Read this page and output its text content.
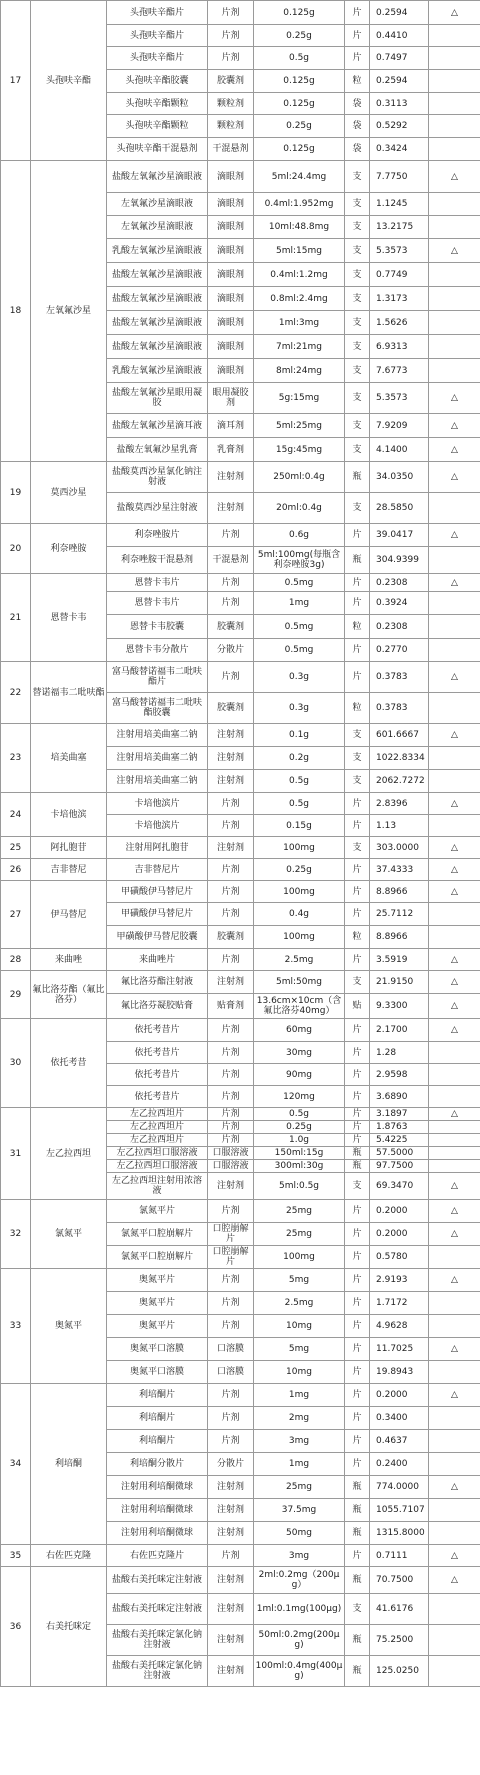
17	头孢呋辛酯	头孢呋辛酯片	片剂	0.125g	片	0.2594	△
		头孢呋辛酯片	片剂	0.25g	片	0.4410	
		头孢呋辛酯片	片剂	0.5g	片	0.7497	
		头孢呋辛酯胶囊	胶囊剂	0.125g	粒	0.2594	
		头孢呋辛酯颗粒	颗粒剂	0.125g	袋	0.3113	
		头孢呋辛酯颗粒	颗粒剂	0.25g	袋	0.5292	
		头孢呋辛酯干混悬剂	干混悬剂	0.125g	袋	0.3424	
18	左氧氟沙星	盐酸左氧氟沙星滴眼液	滴眼剂	5ml:24.4mg	支	7.7750	△
		左氧氟沙星滴眼液	滴眼剂	0.4ml:1.952mg	支	1.1245	
		左氧氟沙星滴眼液	滴眼剂	10ml:48.8mg	支	13.2175	
		乳酸左氧氟沙星滴眼液	滴眼剂	5ml:15mg	支	5.3573	△
		盐酸左氧氟沙星滴眼液	滴眼剂	0.4ml:1.2mg	支	0.7749	
		盐酸左氧氟沙星滴眼液	滴眼剂	0.8ml:2.4mg	支	1.3173	
		盐酸左氧氟沙星滴眼液	滴眼剂	1ml:3mg	支	1.5626	
		盐酸左氧氟沙星滴眼液	滴眼剂	7ml:21mg	支	6.9313	
		乳酸左氧氟沙星滴眼液	滴眼剂	8ml:24mg	支	7.6773	
		盐酸左氧氟沙星眼用凝胶	眼用凝胶剂	5g:15mg	支	5.3573	△
		盐酸左氧氟沙星滴耳液	滴耳剂	5ml:25mg	支	7.9209	△
		盐酸左氧氟沙星乳膏	乳膏剂	15g:45mg	支	4.1400	△
19	莫西沙星	盐酸莫西沙星氯化钠注射液	注射剂	250ml:0.4g	瓶	34.0350	△
		盐酸莫西沙星注射液	注射剂	20ml:0.4g	支	28.5850	
20	利奈唑胺	利奈唑胺片	片剂	0.6g	片	39.0417	△
		利奈唑胺干混悬剂	干混悬剂	5ml:100mg(每瓶含利奈唑胺3g)	瓶	304.9399	
21	恩替卡韦	恩替卡韦片	片剂	0.5mg	片	0.2308	△
		恩替卡韦片	片剂	1mg	片	0.3924	
		恩替卡韦胶囊	胶囊剂	0.5mg	粒	0.2308	
		恩替卡韦分散片	分散片	0.5mg	片	0.2770	
22	替诺福韦二吡呋酯	富马酸替诺福韦二吡呋酯片	片剂	0.3g	片	0.3783	△
		富马酸替诺福韦二吡呋酯胶囊	胶囊剂	0.3g	粒	0.3783	
23	培美曲塞	注射用培美曲塞二钠	注射剂	0.1g	支	601.6667	△
		注射用培美曲塞二钠	注射剂	0.2g	支	1022.8334	
		注射用培美曲塞二钠	注射剂	0.5g	支	2062.7272	
24	卡培他滨	卡培他滨片	片剂	0.5g	片	2.8396	△
		卡培他滨片	片剂	0.15g	片	1.13	
25	阿扎胞苷	注射用阿扎胞苷	注射剂	100mg	支	303.0000	△
26	吉非替尼	吉非替尼片	片剂	0.25g	片	37.4333	△
27	伊马替尼	甲磺酸伊马替尼片	片剂	100mg	片	8.8966	△
		甲磺酸伊马替尼片	片剂	0.4g	片	25.7112	
		甲磺酸伊马替尼胶囊	胶囊剂	100mg	粒	8.8966	
28	来曲唑	来曲唑片	片剂	2.5mg	片	3.5919	△
29	氟比洛芬酯（氟比洛芬）	氟比洛芬酯注射液	注射剂	5ml:50mg	支	21.9150	△
		氟比洛芬凝胶贴膏	贴膏剂	13.6cm×10cm（含氟比洛芬40mg）	贴	9.3300	△
30	依托考昔	依托考昔片	片剂	60mg	片	2.1700	△
		依托考昔片	片剂	30mg	片	1.28	
		依托考昔片	片剂	90mg	片	2.9598	
		依托考昔片	片剂	120mg	片	3.6890	
31	左乙拉西坦	左乙拉西坦片	片剂	0.5g	片	3.1897	△
		左乙拉西坦片	片剂	0.25g	片	1.8763	
		左乙拉西坦片	片剂	1.0g	片	5.4225	
		左乙拉西坦口服溶液	口服溶液	150ml:15g	瓶	57.5000	
		左乙拉西坦口服溶液	口服溶液	300ml:30g	瓶	97.7500	
		左乙拉西坦注射用浓溶液	注射剂	5ml:0.5g	支	69.3470	△
32	氯氮平	氯氮平片	片剂	25mg	片	0.2000	△
		氯氮平口腔崩解片	口腔崩解片	25mg	片	0.2000	△
		氯氮平口腔崩解片	口腔崩解片	100mg	片	0.5780	
33	奥氮平	奥氮平片	片剂	5mg	片	2.9193	△
		奥氮平片	片剂	2.5mg	片	1.7172	
		奥氮平片	片剂	10mg	片	4.9628	
		奥氮平口溶膜	口溶膜	5mg	片	11.7025	△
		奥氮平口溶膜	口溶膜	10mg	片	19.8943	
34	利培酮	利培酮片	片剂	1mg	片	0.2000	△
		利培酮片	片剂	2mg	片	0.3400	
		利培酮片	片剂	3mg	片	0.4637	
		利培酮分散片	分散片	1mg	片	0.2400	
		注射用利培酮微球	注射剂	25mg	瓶	774.0000	△
		注射用利培酮微球	注射剂	37.5mg	瓶	1055.7107	
		注射用利培酮微球	注射剂	50mg	瓶	1315.8000	
35	右佐匹克隆	右佐匹克隆片	片剂	3mg	片	0.7111	△
36	右美托咪定	盐酸右美托咪定注射液	注射剂	2ml:0.2mg（200μg）	瓶	70.7500	△
		盐酸右美托咪定注射液	注射剂	1ml:0.1mg(100μg)	支	41.6176	
		盐酸右美托咪定氯化钠注射液	注射剂	50ml:0.2mg(200μg)	瓶	75.2500	
		盐酸右美托咪定氯化钠注射液	注射剂	100ml:0.4mg(400μg)	瓶	125.0250	
